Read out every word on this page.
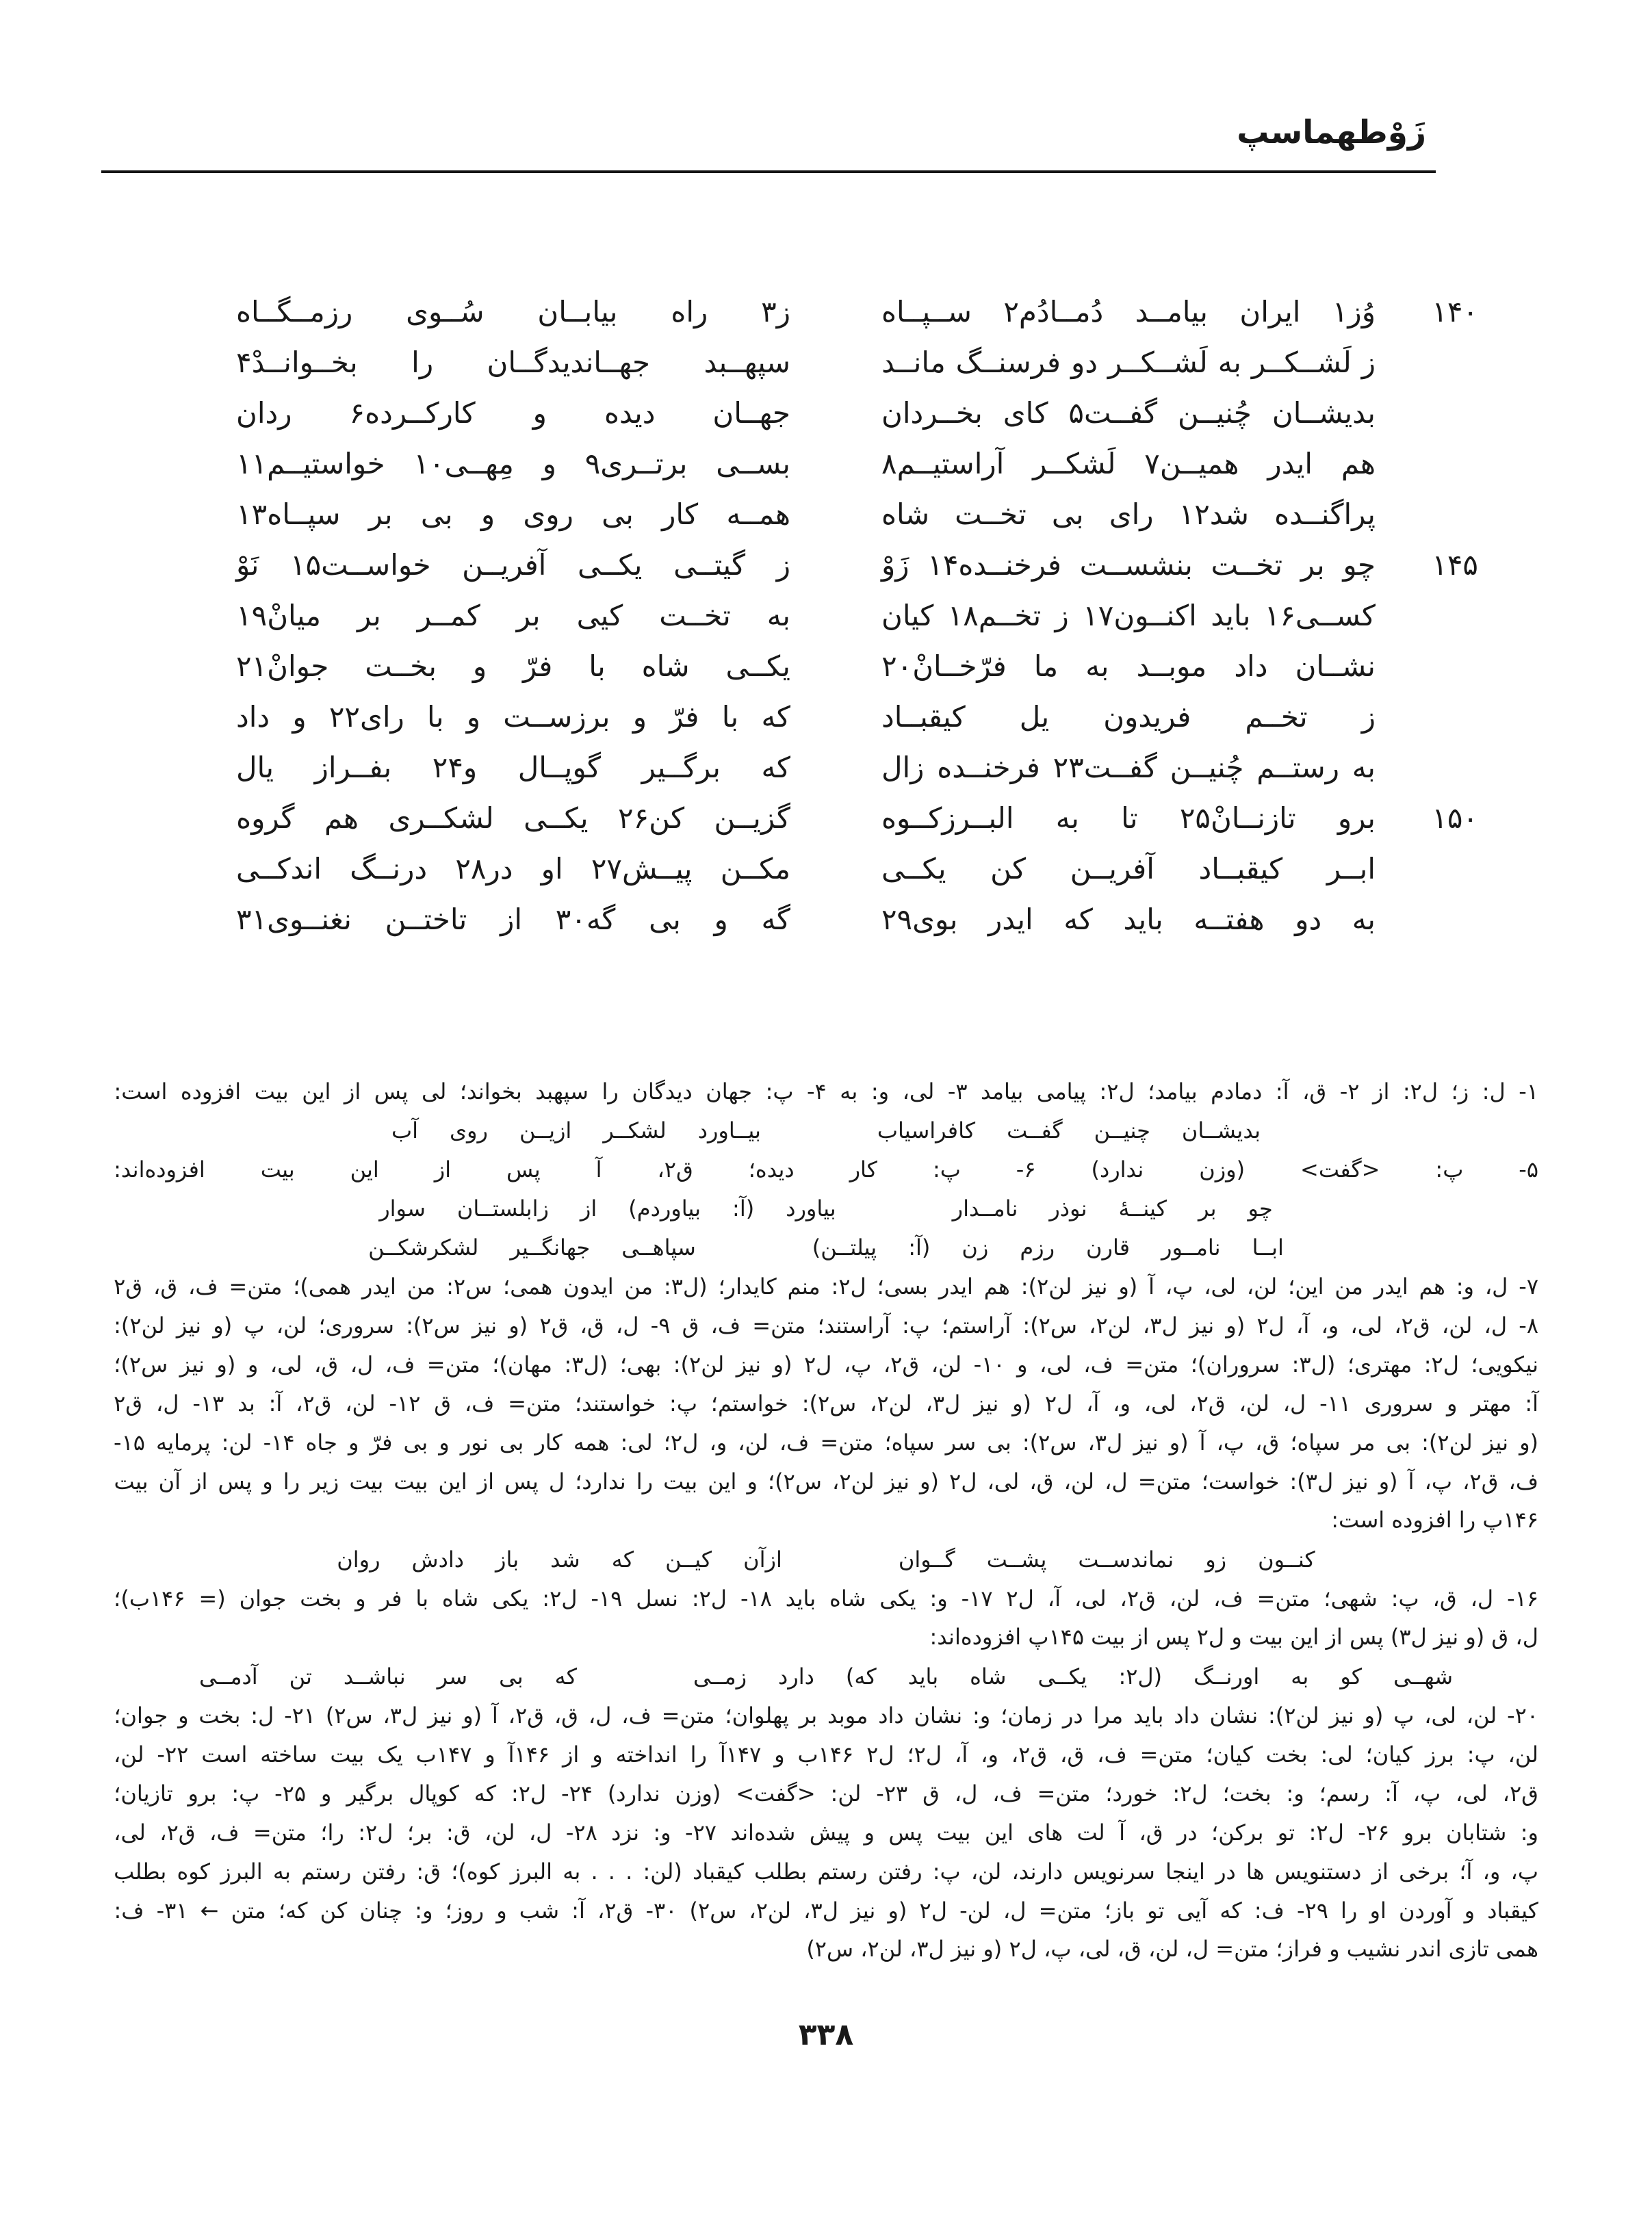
زَوْطهماسپ
۱۴۰
وُز۱
ایران
بیامــد
دُمــادُم۲
ســپــاه
ز۳
راه
بیابــان
سُــوی
رزمــگــاه
ز
لَشــکــر
به
لَشــکــر
دو
فرسنــگ
مانــد
سپهــبد
جهــاندیدگــان
را
بخــوانــدْ۴
بدیشــان
چُنیــن
گفــت۵
کای
بخــردان
جهــان
دیده
و
کارکــرده۶
ردان
هم
ایدر
همیــن۷
لَشکــر
آراستیــم۸
بســی
برتــری۹
و
مِهــی۱۰
خواستیــم۱۱
پراگنــده
شد۱۲
رای
بی
تخــت
شاه
همــه
کار
بی
روی
و
بی
بر
سپــاه۱۳
۱۴۵
چو
بر
تخــت
بنشســت
فرخنــده۱۴
زَوْ
ز
گیتــی
یکــی
آفریــن
خواســت۱۵
نَوْ
کســی۱۶
باید
اکنــون۱۷
ز
تخــم۱۸
کیان
به
تخــت
کیی
بر
کمــر
بر
میانْ۱۹
نشــان
داد
موبــد
به
ما
فرّخــانْ۲۰
یکــی
شاه
با
فرّ
و
بخــت
جوانْ۲۱
ز
تخــم
فریدون
یل
کیقبــاد
که
با
فرّ
و
برزســت
و
با
رای۲۲
و
داد
به
رستــم
چُنیــن
گفــت۲۳
فرخنــده
زال
که
برگــیر
گوپــال
و۲۴
بفــراز
یال
۱۵۰
برو
تازنــانْ۲۵
تا
به
البــرزکــوه
گزیــن
کن۲۶
یکــی
لشکــری
هم
گروه
ابــر
کیقبــاد
آفریــن
کن
یکــی
مکــن
پیــش۲۷
او
در۲۸
درنــگ
اندکــی
به
دو
هفتــه
باید
که
ایدر
بوی۲۹
گه
و
بی
گه۳۰
از
تاختــن
نغنــوی۳۱
۱-
ل:
ز؛
ل۲:
از
۲-
ق،
آ:
دمادم
بیامد؛
ل۲:
پیامی
بیامد
۳-
لی،
و:
به
۴-
پ:
جهان
دیدگان
را
سپهبد
بخواند؛
لی
پس
از
این
بیت
افزوده
است:
بدیشــان
چنیــن
گفــت
کافراسیاب
بیــاورد
لشکــر
ازیــن
روی
آب
۵-
پ:
<گفت>
(وزن
ندارد)
۶-
پ:
کار
دیده؛
ق۲،
آ
پس
از
این
بیت
افزوده‌اند:
چو
بر
کینــهٔ
نوذر
نامــدار
بیاورد
(آ:
بیاوردم)
از
زابلستــان
سوار
ابــا
نامــور
قارن
رزم
زن
(آ:
پیلتــن)
سپاهــی
جهانگــیر
لشکرشکــن
۷-
ل،
و:
هم
ایدر
من
این؛
لن،
لی،
پ،
آ
(و
نیز
لن۲):
هم
ایدر
بسی؛
ل۲:
منم
کایدار؛
(ل۳:
من
ایدون
همی؛
س۲:
من
ایدر
همی)؛
متن=
ف،
ق،
ق۲
۸-
ل،
لن،
ق۲،
لی،
و،
آ،
ل۲
(و
نیز
ل۳،
لن۲،
س۲):
آراستم؛
پ:
آراستند؛
متن=
ف،
ق
۹-
ل،
ق،
ق۲
(و
نیز
س۲):
سروری؛
لن،
پ
(و
نیز
لن۲):
نیکویی؛
ل۲:
مهتری؛
(ل۳:
سروران)؛
متن=
ف،
لی،
و
۱۰-
لن،
ق۲،
پ،
ل۲
(و
نیز
لن۲):
بهی؛
(ل۳:
مهان)؛
متن=
ف،
ل،
ق،
لی،
و
(و
نیز
س۲)؛
آ:
مهتر
و
سروری
۱۱-
ل،
لن،
ق۲،
لی،
و،
آ،
ل۲
(و
نیز
ل۳،
لن۲،
س۲):
خواستم؛
پ:
خواستند؛
متن=
ف،
ق
۱۲-
لن،
ق۲،
آ:
بد
۱۳-
ل،
ق۲
(و
نیز
لن۲):
بی
مر
سپاه؛
ق،
پ،
آ
(و
نیز
ل۳،
س۲):
بی
سر
سپاه؛
متن=
ف،
لن،
و،
ل۲؛
لی:
همه
کار
بی
نور
و
بی
فرّ
و
جاه
۱۴-
لن:
پرمایه
۱۵-
ف،
ق۲،
پ،
آ
(و
نیز
ل۳):
خواست؛
متن=
ل،
لن،
ق،
لی،
ل۲
(و
نیز
لن۲،
س۲)؛
و
این
بیت
را
ندارد؛
ل
پس
از
این
بیت
بیت
زیر
را
و
پس
از
آن
بیت
۱۴۶پ را افزوده است:
کنــون
زو
نماندســت
پشــت
گــوان
ازآن
کیــن
که
شد
باز
دادش
روان
۱۶-
ل،
ق،
پ:
شهی؛
متن=
ف،
لن،
ق۲،
لی،
آ،
ل۲
۱۷-
و:
یکی
شاه
باید
۱۸-
ل۲:
نسل
۱۹-
ل۲:
یکی
شاه
با
فر
و
بخت
جوان
(=
۱۴۶ب)؛
ل، ق (و نیز ل۳) پس از این بیت و ل۲ پس از بیت ۱۴۵پ افزوده‌اند:
شهــی
کو
به
اورنــگ
(ل۲:
یکــی
شاه
باید
که)
دارد
زمــی
که
بی
سر
نباشــد
تن
آدمــی
۲۰-
لن،
لی،
پ
(و
نیز
لن۲):
نشان
داد
باید
مرا
در
زمان؛
و:
نشان
داد
موبد
بر
پهلوان؛
متن=
ف،
ل،
ق،
ق۲،
آ
(و
نیز
ل۳،
س۲)
۲۱-
ل:
بخت
و
جوان؛
لن،
پ:
برز
کیان؛
لی:
بخت
کیان؛
متن=
ف،
ق،
ق۲،
و،
آ،
ل۲؛
ل۲
۱۴۶ب
و
۱۴۷آ
را
انداخته
و
از
۱۴۶آ
و
۱۴۷ب
یک
بیت
ساخته
است
۲۲-
لن،
ق۲،
لی،
پ،
آ:
رسم؛
و:
بخت؛
ل۲:
خورد؛
متن=
ف،
ل،
ق
۲۳-
لن:
<گفت>
(وزن
ندارد)
۲۴-
ل۲:
که
کوپال
برگیر
و
۲۵-
پ:
برو
تازیان؛
و:
شتابان
برو
۲۶-
ل۲:
تو
برکن؛
در
ق،
آ
لت
های
این
بیت
پس
و
پیش
شده‌اند
۲۷-
و:
نزد
۲۸-
ل،
لن،
ق:
بر؛
ل۲:
را؛
متن=
ف،
ق۲،
لی،
پ،
و،
آ؛
برخی
از
دستنویس
ها
در
اینجا
سرنویس
دارند،
لن،
پ:
رفتن
رستم
بطلب
کیقباد
(لن:
.
.
.
به
البرز
کوه)؛
ق:
رفتن
رستم
به
البرز
کوه
بطلب
کیقباد
و
آوردن
او
را
۲۹-
ف:
که
آیی
تو
باز؛
متن=
ل،
لن-
ل۲
(و
نیز
ل۳،
لن۲،
س۲)
۳۰-
ق۲،
آ:
شب
و
روز؛
و:
چنان
کن
که؛
متن
←
۳۱-
ف:
همی تازی اندر نشیب و فراز؛ متن= ل، لن، ق، لی، پ، ل۲ (و نیز ل۳، لن۲، س۲)
۳۳۸
